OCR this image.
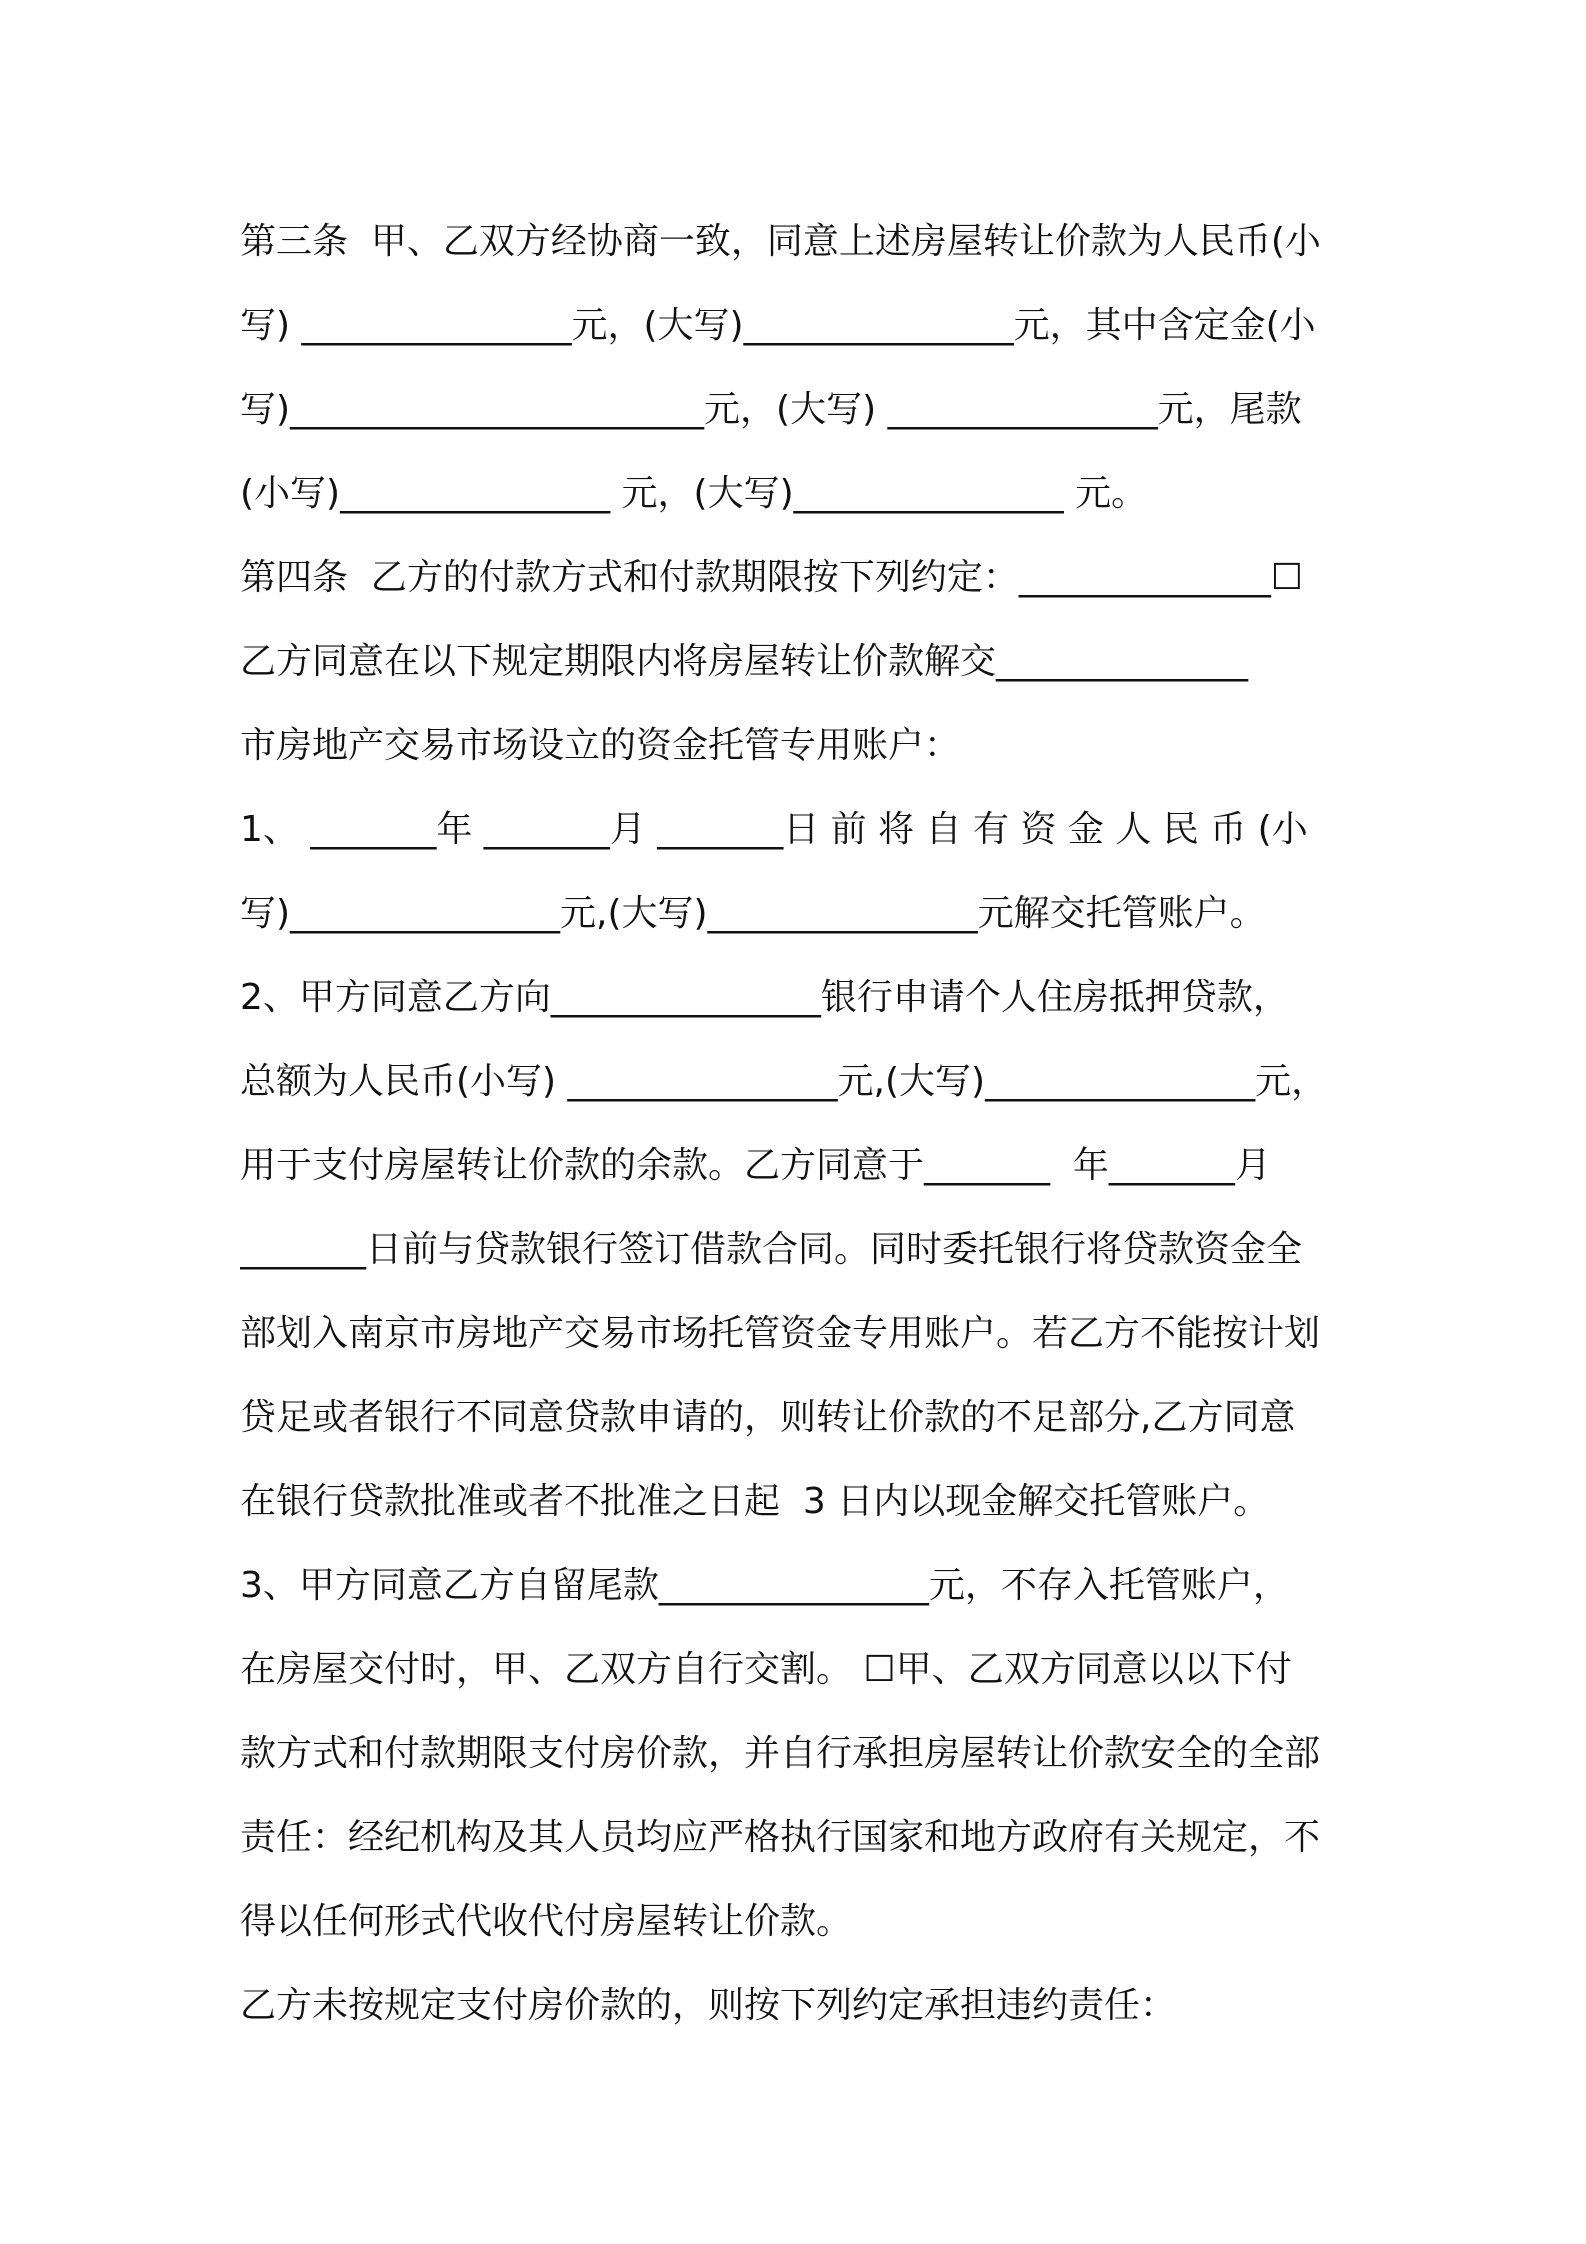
第三条  甲、乙双方经协商一致，同意上述房屋转让价款为人民币(小
写) _______________元，(大写)_______________元，其中含定金(小
写)_______________________元，(大写) _______________元，尾款
(小写)_______________ 元，(大写)_______________ 元。
第四条  乙方的付款方式和付款期限按下列约定：______________☐
乙方同意在以下规定期限内将房屋转让价款解交______________
市房地产交易市场设立的资金托管专用账户：
1、 _______年 _______月 _______日 前 将 自 有 资 金 人 民 币 (小
写)_______________元,(大写)_______________元解交托管账户。
2、甲方同意乙方向_______________银行申请个人住房抵押贷款，
总额为人民币(小写) _______________元,(大写)_______________元，
用于支付房屋转让价款的余款。乙方同意于_______  年_______月
_______日前与贷款银行签订借款合同。同时委托银行将贷款资金全
部划入南京市房地产交易市场托管资金专用账户。若乙方不能按计划
贷足或者银行不同意贷款申请的，则转让价款的不足部分,乙方同意
在银行贷款批准或者不批准之日起  3 日内以现金解交托管账户。
3、甲方同意乙方自留尾款_______________元，不存入托管账户，
在房屋交付时，甲、乙双方自行交割。 ☐甲、乙双方同意以以下付
款方式和付款期限支付房价款，并自行承担房屋转让价款安全的全部
责任：经纪机构及其人员均应严格执行国家和地方政府有关规定，不
得以任何形式代收代付房屋转让价款。
乙方未按规定支付房价款的，则按下列约定承担违约责任：
